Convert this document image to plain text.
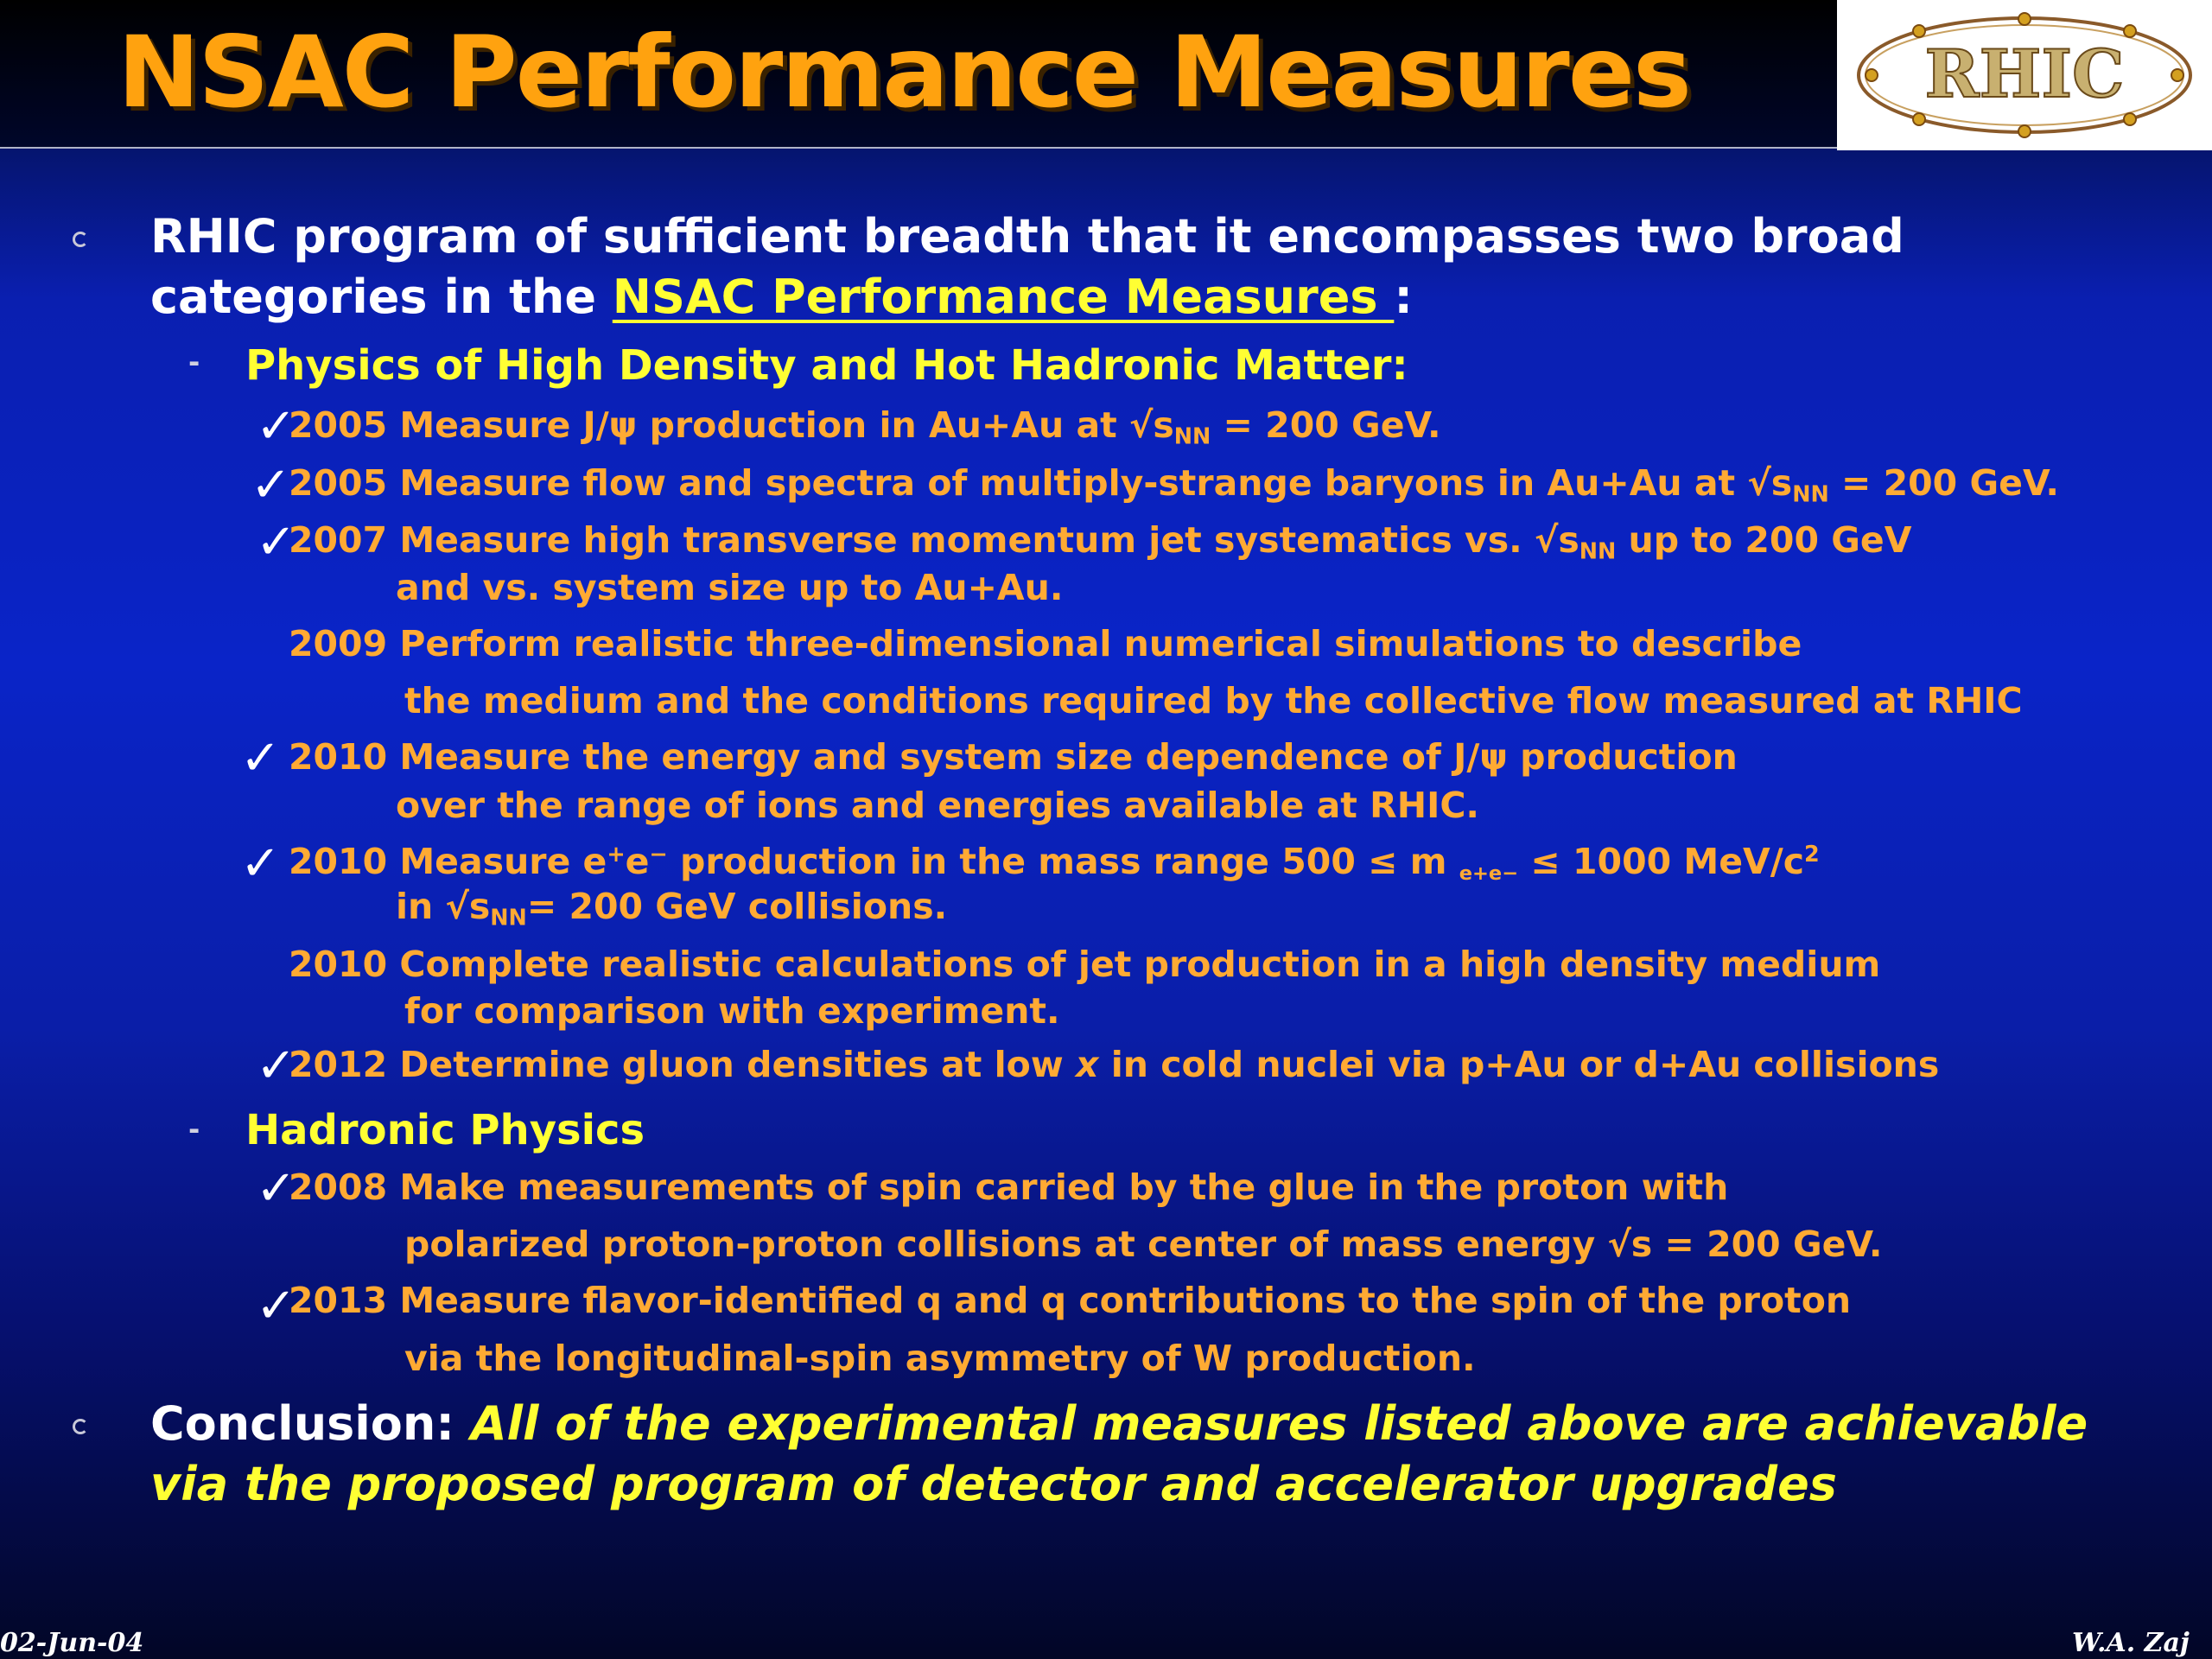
NSAC Performance Measures	RHIC
RHIC program of sufficient breadth that it encompasses two broad
categories in the NSAC Performance Measures :
- Physics of High Density and Hot Hadronic Matter:
✓
2005 Measure J/ψ production in Au+Au at $√s_{NN} = 200$ GeV.
✓
2005 Measure flow and spectra of multiply-strange baryons in Au+Au at $√s_{NN} = 200$ GeV.
✓
2007 Measure high transverse momentum jet systematics vs. $√s_{NN}$ up to 200 GeV
and vs. system size up to Au+Au.
2009 Perform realistic three-dimensional numerical simulations to describe
the medium and the conditions required by the collective flow measured at RHIC
✓ 2010 Measure the energy and system size dependence of J/ψ production
over the range of ions and energies available at RHIC.
✓ 2010 Measure e+e− production in the mass range 500 ≤ m $_{e+e-}$ ≤ 1000 MeV/$c^2$
in $√s_{NN}= 200$ GeV collisions.
2010 Complete realistic calculations of jet production in a high density medium
for comparison with experiment.
✓
2012 Determine gluon densities at low x in cold nuclei via p+Au or d+Au collisions
- Hadronic Physics
✓
2008 Make measurements of spin carried by the glue in the proton with
polarized proton-proton collisions at center of mass energy √s = 200 GeV.
✓
2013 Measure flavor-identified q and q contributions to the spin of the proton
via the longitudinal-spin asymmetry of W production.
Conclusion: All of the experimental measures listed above are achievable
via the proposed program of detector and accelerator upgrades
02-Jun-04	W.A. Zaj
